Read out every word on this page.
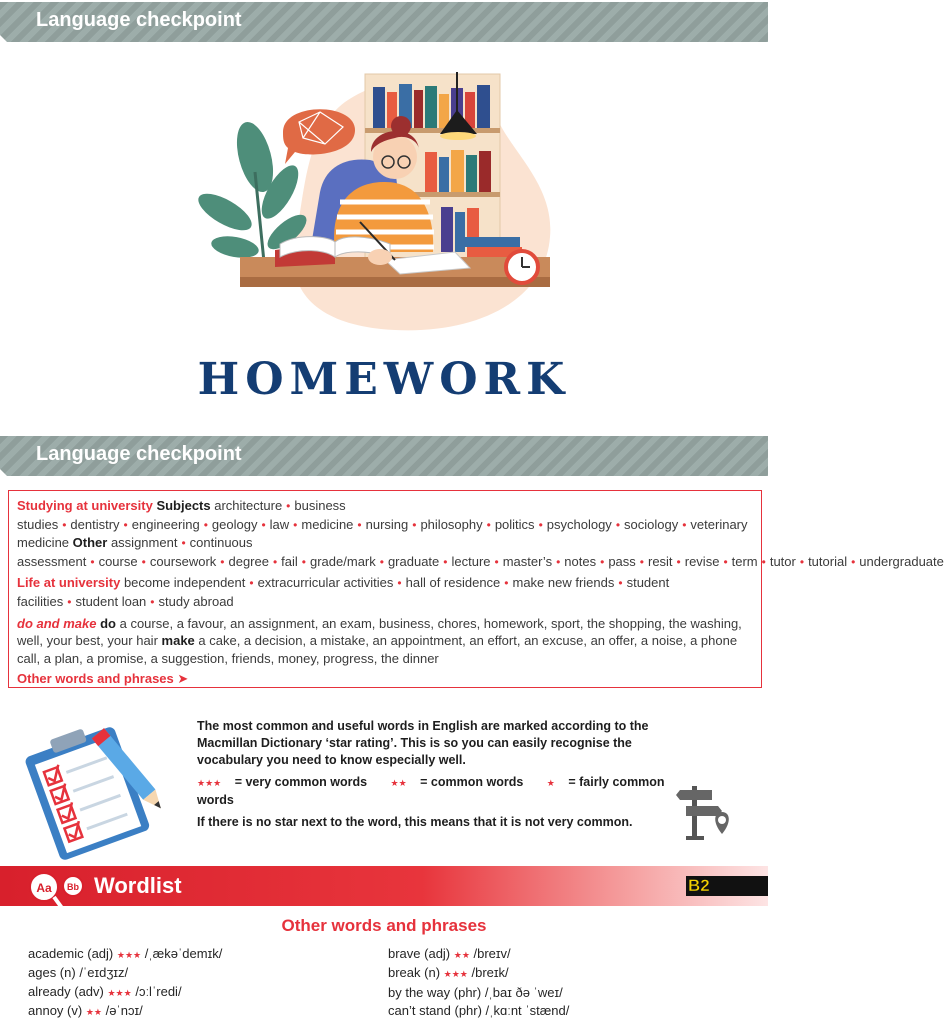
Language checkpoint
HOMEWORK
Language checkpoint

Studying at university Subjects architecture • business studies • dentistry • engineering • geology • law • medicine • nursing • philosophy • politics • psychology • sociology • veterinary medicine Other assignment • continuous assessment • course • coursework • degree • fail • grade/mark • graduate • lecture • master’s • notes • pass • resit • revise • term • tutor • tutorial • undergraduate

Life at university become independent • extracurricular activities • hall of residence • make new friends • student facilities • student loan • study abroad

do and make do a course, a favour, an assignment, an exam, business, chores, homework, sport, the shopping, the washing, well, your best, your hair make a cake, a decision, a mistake, an appointment, an effort, an excuse, an offer, a noise, a phone call, a plan, a promise, a suggestion, friends, money, progress, the dinner

Other words and phrases ➤

The most common and useful words in English are marked according to the Macmillan Dictionary ‘star rating’. This is so you can easily recognise the vocabulary you need to know especially well.
★★★ = very common words	★★ = common words	★ = fairly common words
If there is no star next to the word, this means that it is not very common.
Wordlist
Aa Bb	B2
Other words and phrases
academic (adj) ★★★ /ˌækəˈdemɪk/
ages (n) /ˈeɪdʒɪz/
already (adv) ★★★ /ɔːlˈredi/
annoy (v) ★★ /əˈnɔɪ/
brave (adj) ★★ /breɪv/
break (n) ★★★ /breɪk/
by the way (phr) /ˌbaɪ ðə ˈweɪ/
can’t stand (phr) /ˌkɑːnt ˈstænd/
